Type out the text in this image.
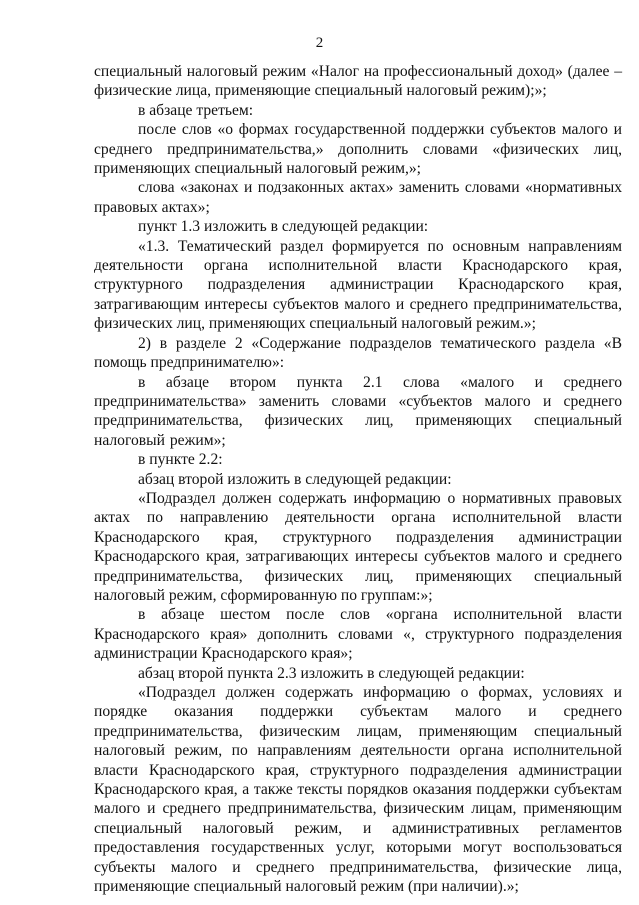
2

специальный налоговый режим «Налог на профессиональный доход» (далее – физические лица, применяющие специальный налоговый режим);»;

в абзаце третьем:

после слов «о формах государственной поддержки субъектов малого и среднего предпринимательства,» дополнить словами «физических лиц, применяющих специальный налоговый режим,»;

слова «законах и подзаконных актах» заменить словами «нормативных правовых актах»;

пункт 1.3 изложить в следующей редакции:

«1.3. Тематический раздел формируется по основным направлениям деятельности органа исполнительной власти Краснодарского края, структурного подразделения администрации Краснодарского края, затрагивающим интересы субъектов малого и среднего предпринимательства, физических лиц, применяющих специальный налоговый режим.»;

2) в разделе 2 «Содержание подразделов тематического раздела «В помощь предпринимателю»:

в абзаце втором пункта 2.1 слова «малого и среднего предпринимательства» заменить словами «субъектов малого и среднего предпринимательства, физических лиц, применяющих специальный налоговый режим»;

в пункте 2.2:

абзац второй изложить в следующей редакции:

«Подраздел должен содержать информацию о нормативных правовых актах по направлению деятельности органа исполнительной власти Краснодарского края, структурного подразделения администрации Краснодарского края, затрагивающих интересы субъектов малого и среднего предпринимательства, физических лиц, применяющих специальный налоговый режим, сформированную по группам:»;

в абзаце шестом после слов «органа исполнительной власти Краснодарского края» дополнить словами «, структурного подразделения администрации Краснодарского края»;

абзац второй пункта 2.3 изложить в следующей редакции:

«Подраздел должен содержать информацию о формах, условиях и порядке оказания поддержки субъектам малого и среднего предпринимательства, физическим лицам, применяющим специальный налоговый режим, по направлениям деятельности органа исполнительной власти Краснодарского края, структурного подразделения администрации Краснодарского края, а также тексты порядков оказания поддержки субъектам малого и среднего предпринимательства, физическим лицам, применяющим специальный налоговый режим, и административных регламентов предоставления государственных услуг, которыми могут воспользоваться субъекты малого и среднего предпринимательства, физические лица, применяющие специальный налоговый режим (при наличии).»;
